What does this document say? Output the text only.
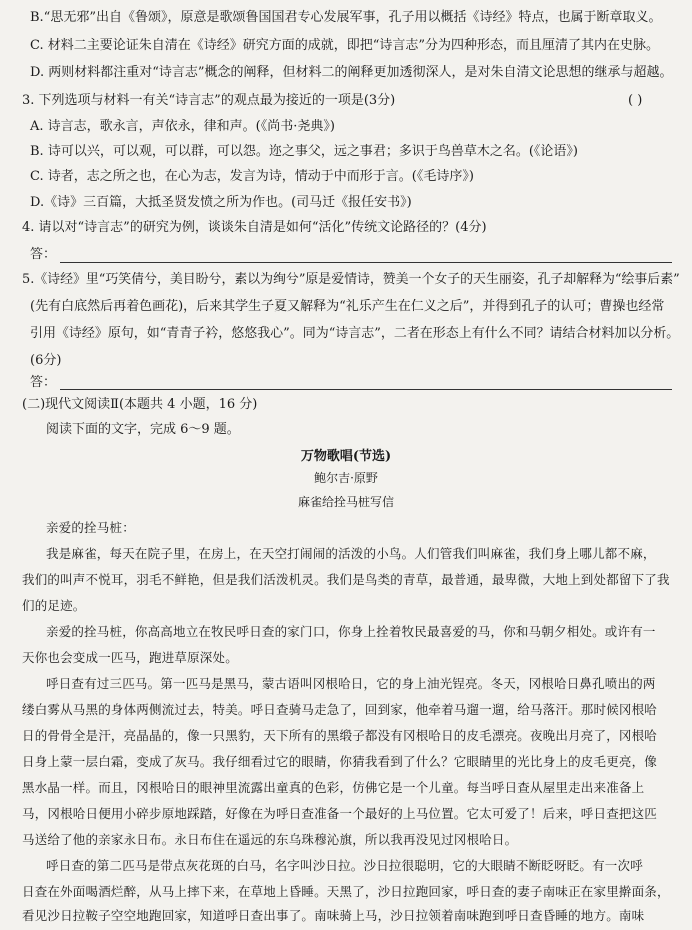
B.“思无邪”出自《鲁颂》，原意是歌颂鲁国国君专心发展军事，孔子用以概括《诗经》特点，也属于断章取义。
C. 材料二主要论证朱自清在《诗经》研究方面的成就，即把“诗言志”分为四种形态，而且厘清了其内在史脉。
D. 两则材料都注重对“诗言志”概念的阐释，但材料二的阐释更加透彻深人，是对朱自清文论思想的继承与超越。
3. 下列选项与材料一有关“诗言志”的观点最为接近的一项是(3分)	( )
A. 诗言志，歌永言，声依永，律和声。(《尚书·尧典》)
B. 诗可以兴，可以观，可以群，可以怨。迩之事父，远之事君；多识于鸟兽草木之名。(《论语》)
C. 诗者，志之所之也，在心为志，发言为诗，情动于中而形于言。(《毛诗序》)
D.《诗》三百篇，大抵圣贤发愤之所为作也。(司马迁《报任安书》)
4. 请以对“诗言志”的研究为例，谈谈朱自清是如何“活化”传统文论路径的？(4分)
答：
5.《诗经》里“巧笑倩兮，美目盼兮，素以为绚兮”原是爱情诗，赞美一个女子的天生丽姿，孔子却解释为“绘事后素”
(先有白底然后再着色画花)，后来其学生子夏又解释为“礼乐产生在仁义之后”，并得到孔子的认可；曹操也经常
引用《诗经》原句，如“青青子衿，悠悠我心”。同为“诗言志”，二者在形态上有什么不同？请结合材料加以分析。
(6分)
答：
(二)现代文阅读Ⅱ(本题共 4 小题，16 分)
阅读下面的文字，完成 6～9 题。
万物歌唱(节选)
鲍尔吉·原野
麻雀给拴马桩写信
亲爱的拴马桩：
我是麻雀，每天在院子里，在房上，在天空打闹闹的活泼的小鸟。人们管我们叫麻雀，我们身上哪儿都不麻，
我们的叫声不悦耳，羽毛不鲜艳，但是我们活泼机灵。我们是鸟类的青草，最普通，最卑微，大地上到处都留下了我
们的足迹。
亲爱的拴马桩，你高高地立在牧民呼日查的家门口，你身上拴着牧民最喜爱的马，你和马朝夕相处。或许有一
天你也会变成一匹马，跑进草原深处。
呼日查有过三匹马。第一匹马是黑马，蒙古语叫冈根哈日，它的身上油光锃亮。冬天，冈根哈日鼻孔喷出的两
缕白雾从马黑的身体两侧流过去，特美。呼日查骑马走急了，回到家，他牵着马遛一遛，给马落汗。那时候冈根哈
日的骨骨全是汗，亮晶晶的，像一只黑豹，天下所有的黑缎子都没有冈根哈日的皮毛漂亮。夜晚出月亮了，冈根哈
日身上蒙一层白霜，变成了灰马。我仔细看过它的眼睛，你猜我看到了什么？它眼睛里的光比身上的皮毛更亮，像
黑水晶一样。而且，冈根哈日的眼神里流露出童真的色彩，仿佛它是一个儿童。每当呼日查从屋里走出来准备上
马，冈根哈日便用小碎步原地踩踏，好像在为呼日查准备一个最好的上马位置。它太可爱了！后来，呼日查把这匹
马送给了他的亲家永日布。永日布住在遥远的东乌珠穆沁旗，所以我再没见过冈根哈日。
呼日查的第二匹马是带点灰花斑的白马，名字叫沙日拉。沙日拉很聪明，它的大眼睛不断眨呀眨。有一次呼
日查在外面喝酒烂醉，从马上摔下来，在草地上昏睡。天黑了，沙日拉跑回家，呼日查的妻子南味正在家里擀面条，
看见沙日拉鞍子空空地跑回家，知道呼日查出事了。南味骑上马，沙日拉领着南味跑到呼日查昏睡的地方。南味
